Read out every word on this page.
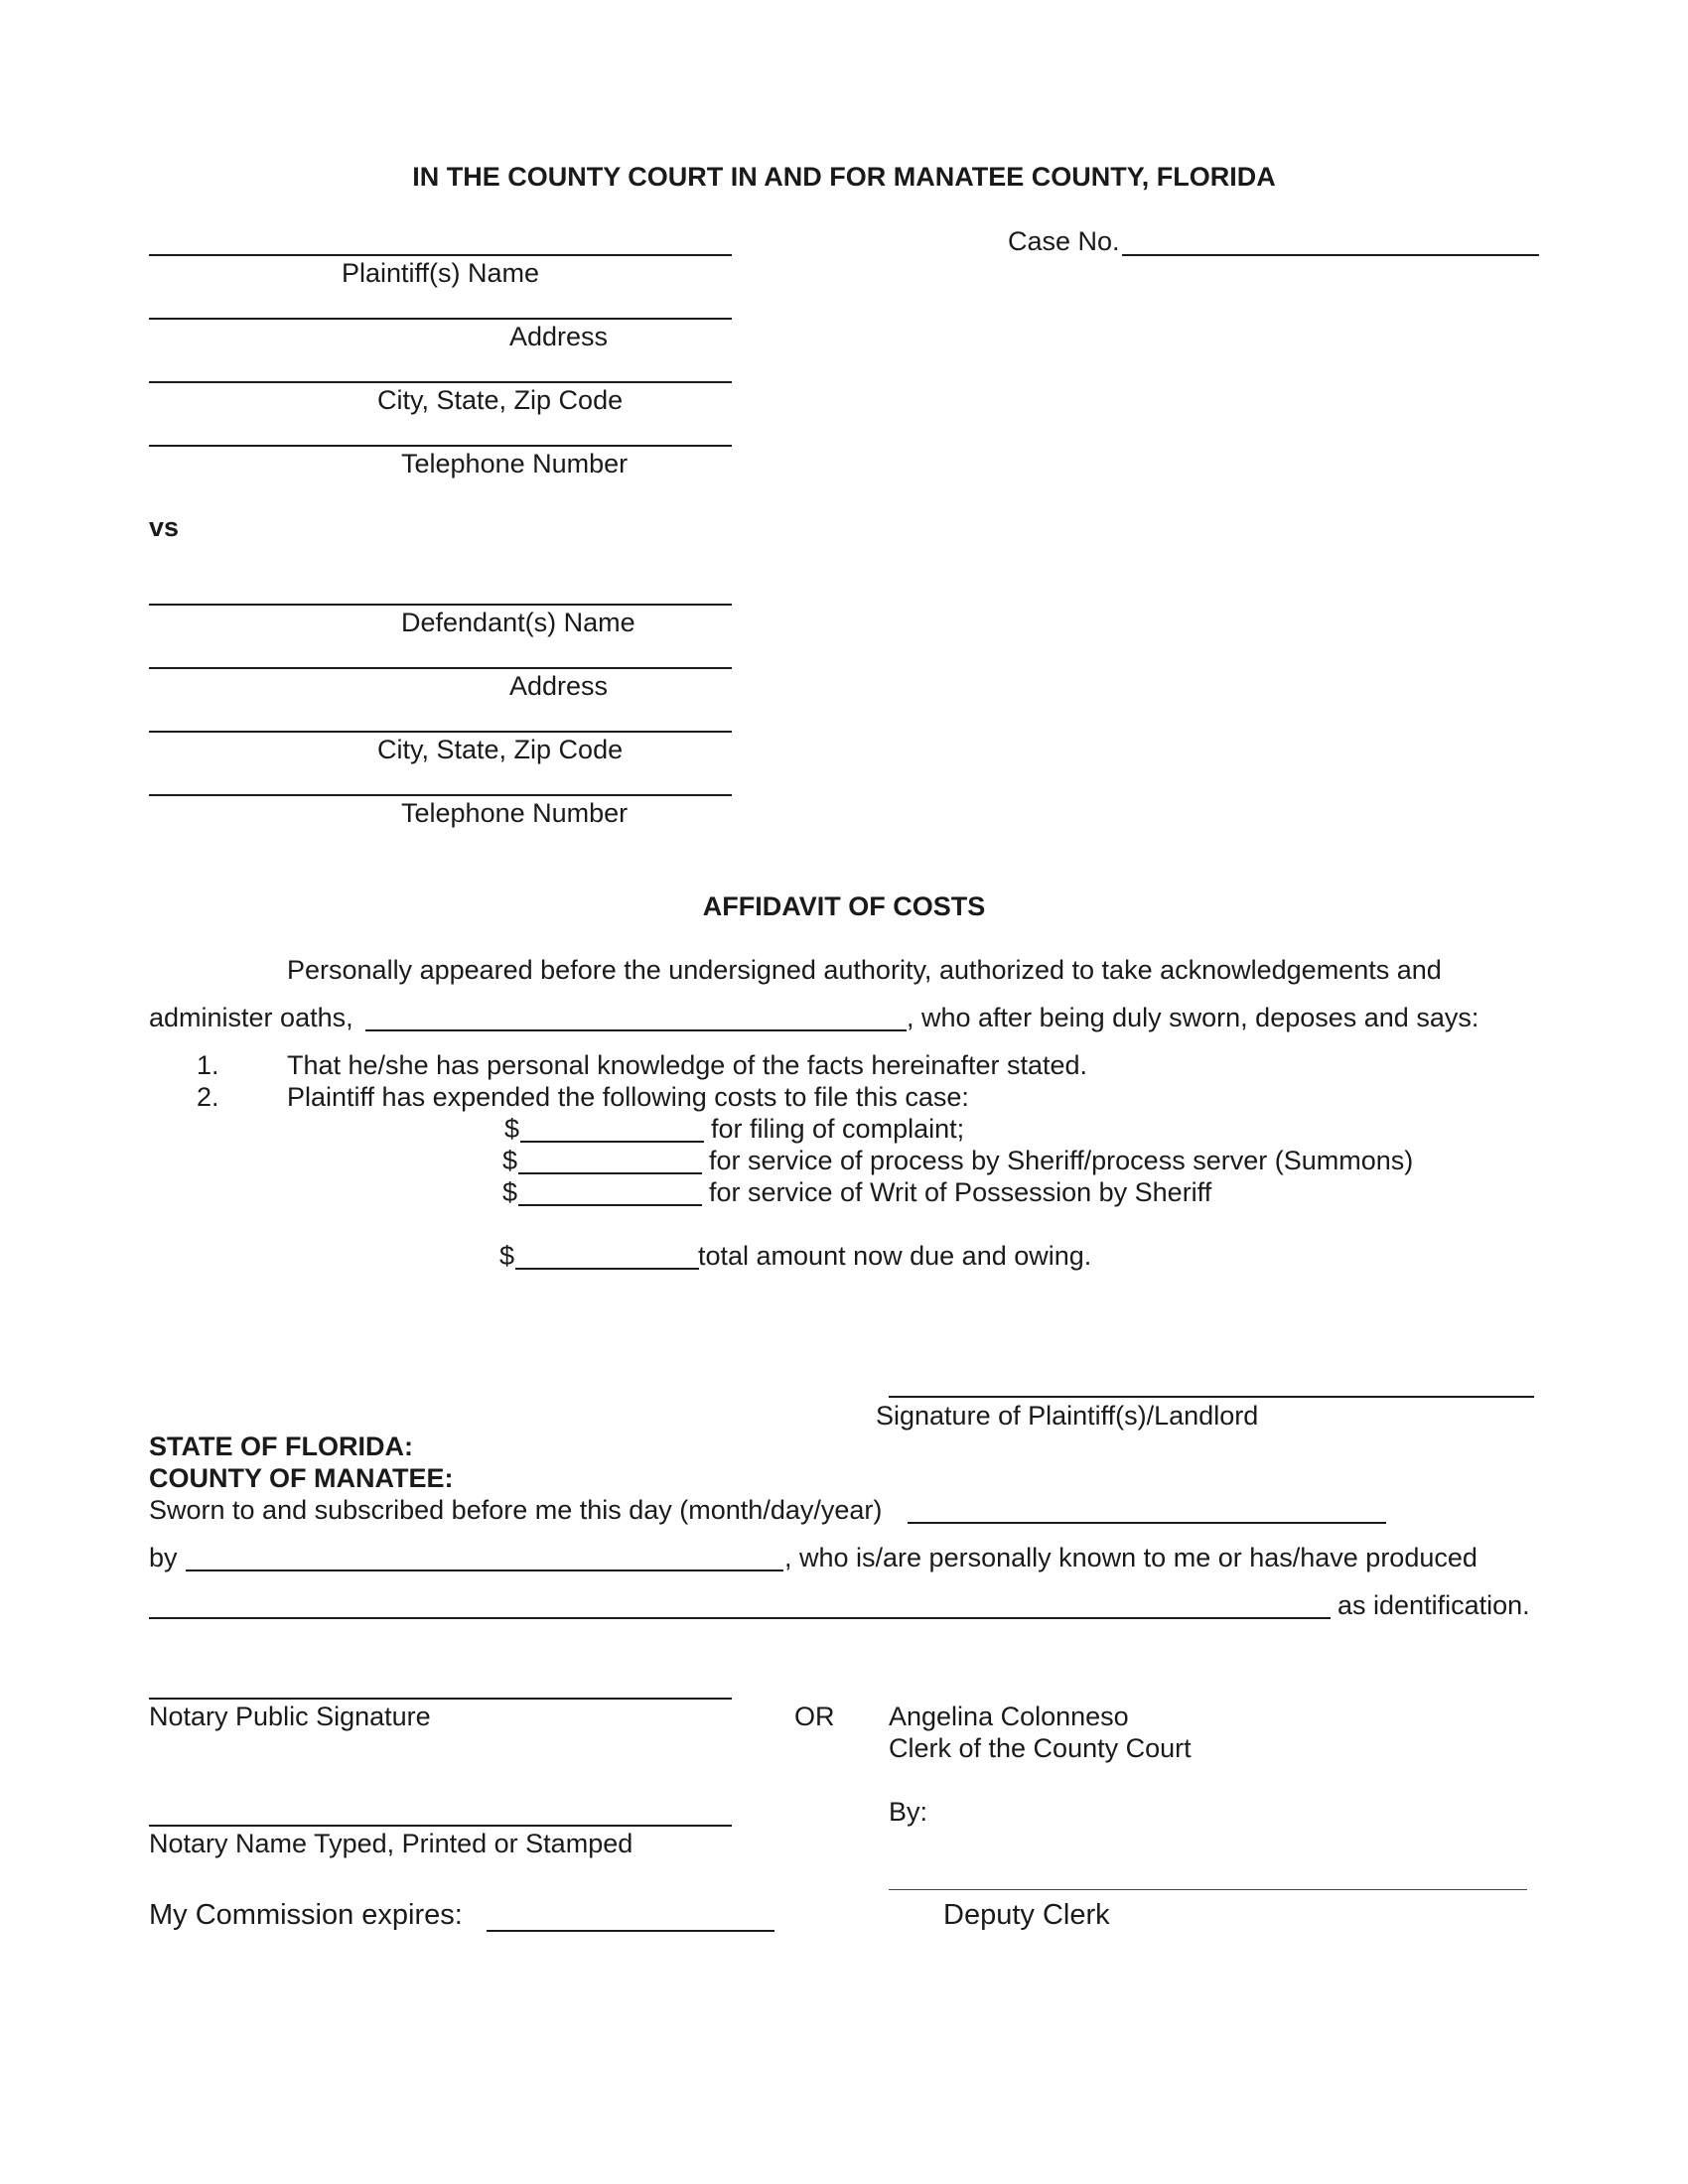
IN THE COUNTY COURT IN AND FOR MANATEE COUNTY, FLORIDA
Case No.
Plaintiff(s) Name
Address
City, State, Zip Code
Telephone Number
vs
Defendant(s) Name
Address
City, State, Zip Code
Telephone Number
AFFIDAVIT OF COSTS
Personally appeared before the undersigned authority, authorized to take acknowledgements and
administer oaths,	, who after being duly sworn, deposes and says:
1.	That he/she has personal knowledge of the facts hereinafter stated.
2.	Plaintiff has expended the following costs to file this case:
$	for filing of complaint;
$	for service of process by Sheriff/process server (Summons)
$	for service of Writ of Possession by Sheriff
$	total amount now due and owing.
Signature of Plaintiff(s)/Landlord
STATE OF FLORIDA:
COUNTY OF MANATEE:
Sworn to and subscribed before me this day (month/day/year)
by	, who is/are personally known to me or has/have produced
as identification.
Notary Public Signature	OR Angelina Colonneso
Clerk of the County Court
By:
Notary Name Typed, Printed or Stamped
My Commission expires:	Deputy Clerk
